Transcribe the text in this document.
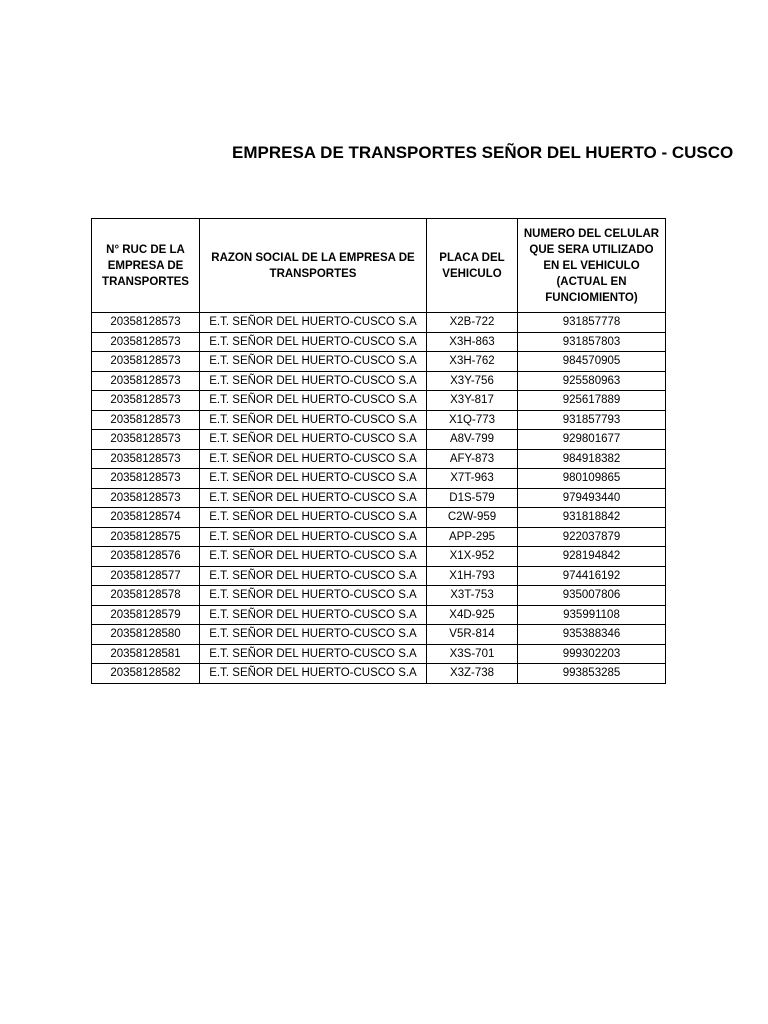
EMPRESA DE TRANSPORTES SEÑOR DEL HUERTO - CUSCO
N° RUC DE LA EMPRESA DE TRANSPORTES	RAZON SOCIAL DE LA EMPRESA DE TRANSPORTES	PLACA DEL VEHICULO	NUMERO DEL CELULAR QUE SERA UTILIZADO EN EL VEHICULO (ACTUAL EN FUNCIOMIENTO)

20358128573	E.T. SEÑOR DEL HUERTO-CUSCO S.A	X2B-722	931857778
20358128573	E.T. SEÑOR DEL HUERTO-CUSCO S.A	X3H-863	931857803
20358128573	E.T. SEÑOR DEL HUERTO-CUSCO S.A	X3H-762	984570905
20358128573	E.T. SEÑOR DEL HUERTO-CUSCO S.A	X3Y-756	925580963
20358128573	E.T. SEÑOR DEL HUERTO-CUSCO S.A	X3Y-817	925617889
20358128573	E.T. SEÑOR DEL HUERTO-CUSCO S.A	X1Q-773	931857793
20358128573	E.T. SEÑOR DEL HUERTO-CUSCO S.A	A8V-799	929801677
20358128573	E.T. SEÑOR DEL HUERTO-CUSCO S.A	AFY-873	984918382
20358128573	E.T. SEÑOR DEL HUERTO-CUSCO S.A	X7T-963	980109865
20358128573	E.T. SEÑOR DEL HUERTO-CUSCO S.A	D1S-579	979493440
20358128574	E.T. SEÑOR DEL HUERTO-CUSCO S.A	C2W-959	931818842
20358128575	E.T. SEÑOR DEL HUERTO-CUSCO S.A	APP-295	922037879
20358128576	E.T. SEÑOR DEL HUERTO-CUSCO S.A	X1X-952	928194842
20358128577	E.T. SEÑOR DEL HUERTO-CUSCO S.A	X1H-793	974416192
20358128578	E.T. SEÑOR DEL HUERTO-CUSCO S.A	X3T-753	935007806
20358128579	E.T. SEÑOR DEL HUERTO-CUSCO S.A	X4D-925	935991108
20358128580	E.T. SEÑOR DEL HUERTO-CUSCO S.A	V5R-814	935388346
20358128581	E.T. SEÑOR DEL HUERTO-CUSCO S.A	X3S-701	999302203
20358128582	E.T. SEÑOR DEL HUERTO-CUSCO S.A	X3Z-738	993853285
